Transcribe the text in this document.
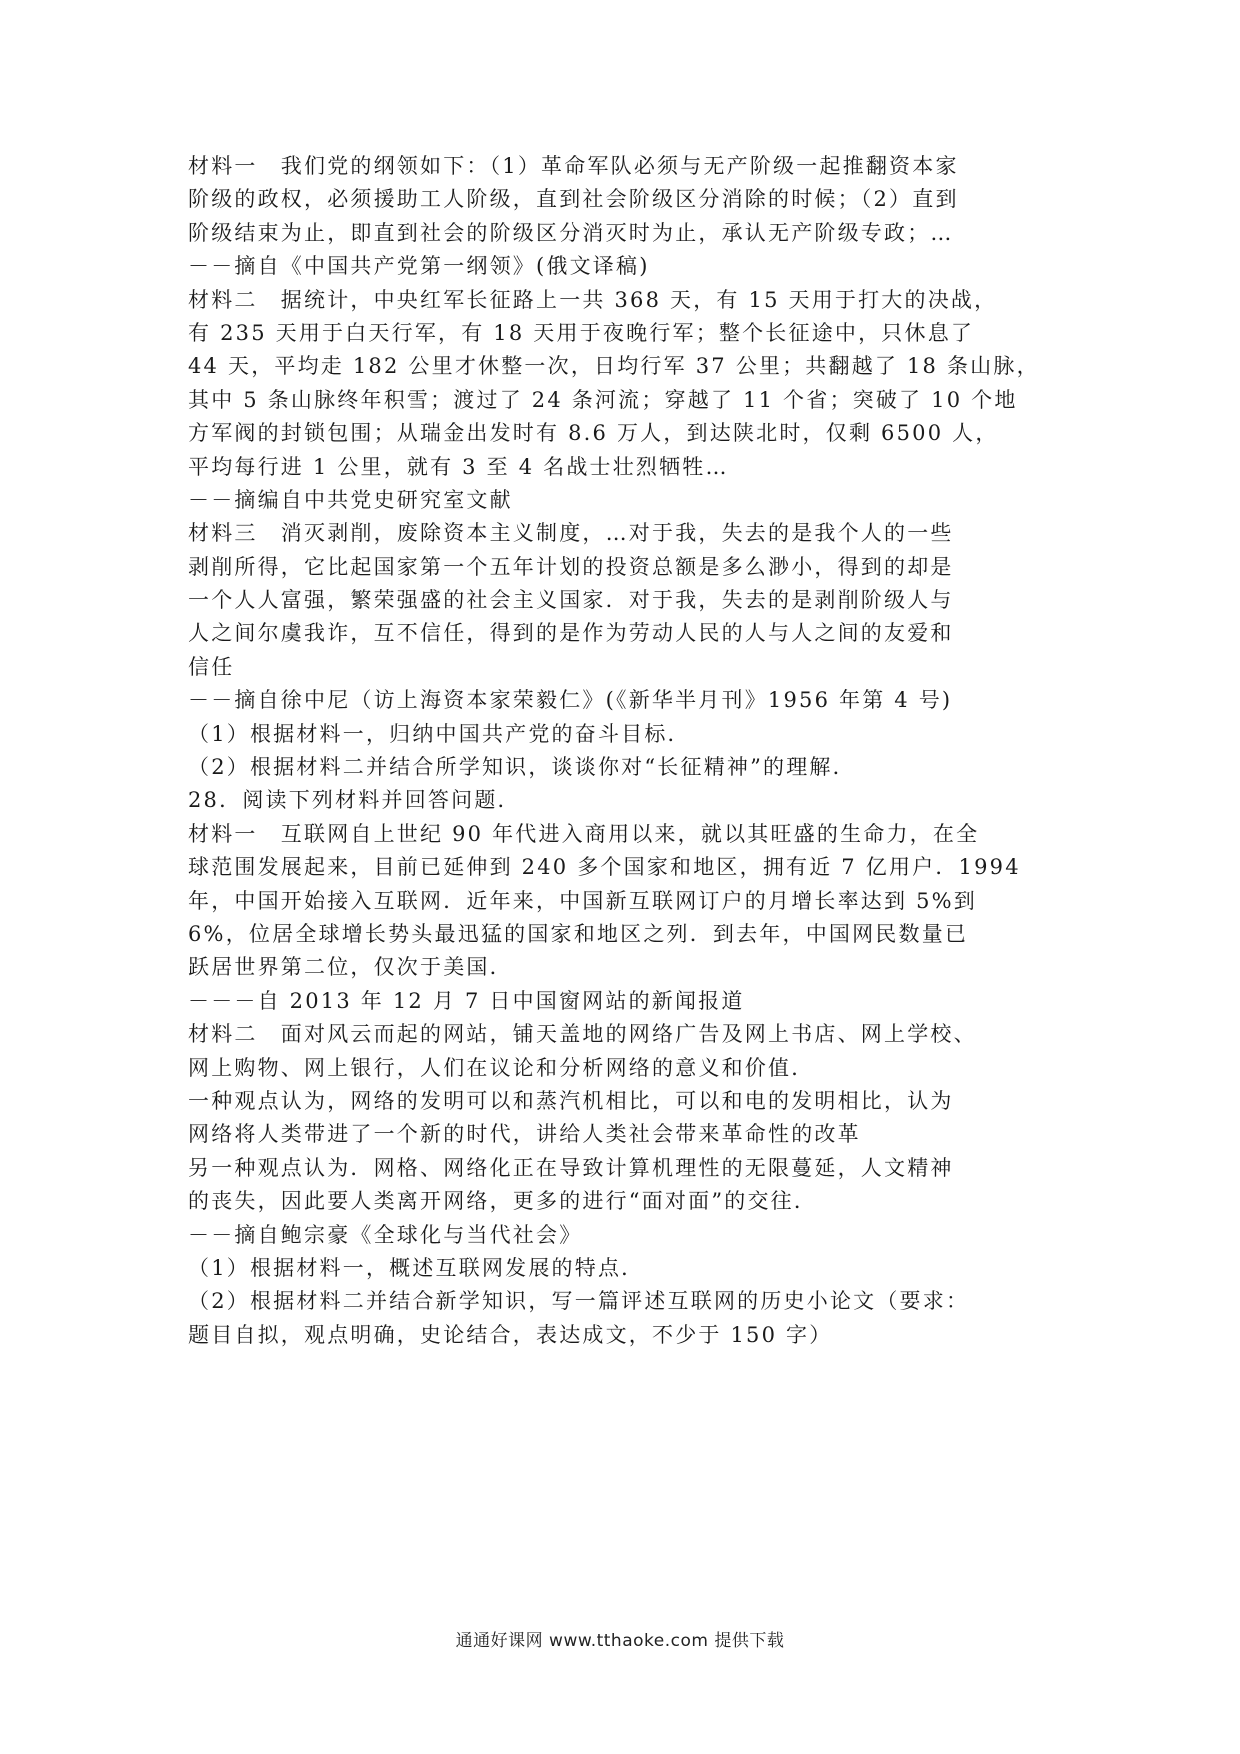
材料一　我们党的纲领如下：（1）革命军队必须与无产阶级一起推翻资本家
阶级的政权，必须援助工人阶级，直到社会阶级区分消除的时候；（2）直到
阶级结束为止，即直到社会的阶级区分消灭时为止，承认无产阶级专政；…
－－摘自《中国共产党第一纲领》(俄文译稿)
材料二　据统计，中央红军长征路上一共 368 天，有 15 天用于打大的决战，
有 235 天用于白天行军，有 18 天用于夜晚行军；整个长征途中，只休息了
44 天，平均走 182 公里才休整一次，日均行军 37 公里；共翻越了 18 条山脉，
其中 5 条山脉终年积雪；渡过了 24 条河流；穿越了 11 个省；突破了 10 个地
方军阀的封锁包围；从瑞金出发时有 8.6 万人，到达陕北时，仅剩 6500 人，
平均每行进 1 公里，就有 3 至 4 名战士壮烈牺牲…
－－摘编自中共党史研究室文献
材料三　消灭剥削，废除资本主义制度，…对于我，失去的是我个人的一些
剥削所得，它比起国家第一个五年计划的投资总额是多么渺小，得到的却是
一个人人富强，繁荣强盛的社会主义国家．对于我，失去的是剥削阶级人与
人之间尔虞我诈，互不信任，得到的是作为劳动人民的人与人之间的友爱和
信任
－－摘自徐中尼（访上海资本家荣毅仁》(《新华半月刊》1956 年第 4 号)
（1）根据材料一，归纳中国共产党的奋斗目标．
（2）根据材料二并结合所学知识，谈谈你对“长征精神”的理解．
28．阅读下列材料并回答问题．
材料一　互联网自上世纪 90 年代进入商用以来，就以其旺盛的生命力，在全
球范围发展起来，目前已延伸到 240 多个国家和地区，拥有近 7 亿用户．1994
年，中国开始接入互联网．近年来，中国新互联网订户的月增长率达到 5%到
6%，位居全球增长势头最迅猛的国家和地区之列．到去年，中国网民数量已
跃居世界第二位，仅次于美国．
－－－自 2013 年 12 月 7 日中国窗网站的新闻报道
材料二　面对风云而起的网站，铺天盖地的网络广告及网上书店、网上学校、
网上购物、网上银行，人们在议论和分析网络的意义和价值．
一种观点认为，网络的发明可以和蒸汽机相比，可以和电的发明相比，认为
网络将人类带进了一个新的时代，讲给人类社会带来革命性的改革
另一种观点认为．网格、网络化正在导致计算机理性的无限蔓延，人文精神
的丧失，因此要人类离开网络，更多的进行“面对面”的交往．
－－摘自鲍宗豪《全球化与当代社会》
（1）根据材料一，概述互联网发展的特点．
（2）根据材料二并结合新学知识，写一篇评述互联网的历史小论文（要求：
题目自拟，观点明确，史论结合，表达成文，不少于 150 字）
通通好课网 www.tthaoke.com 提供下载
